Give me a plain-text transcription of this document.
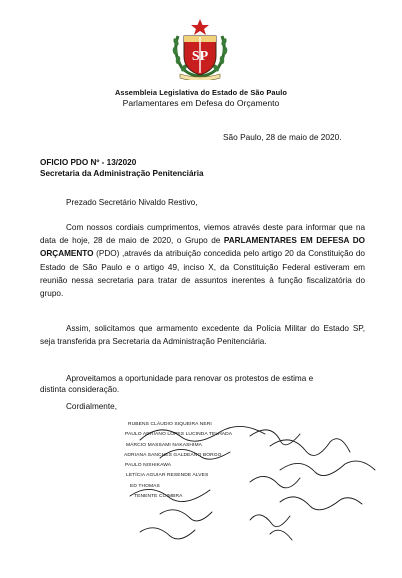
SP
Assembleia Legislativa do Estado de São Paulo
Parlamentares em Defesa do Orçamento
São Paulo, 28 de maio de 2020.
OFICIO PDO Nº - 13/2020
Secretaria da Administração Penitenciária
Prezado Secretário Nivaldo Restivo,
Com nossos cordiais cumprimentos, viemos através deste para informar que na data de hoje, 28 de maio de 2020, o Grupo de PARLAMENTARES EM DEFESA DO ORÇAMENTO (PDO) ,através da atribuição concedida pelo artigo 20 da Constituição do Estado de São Paulo e o artigo 49, inciso X, da Constituição Federal estiveram em reunião nessa secretaria para tratar de assuntos inerentes à função fiscalizatória do grupo.
Assim, solicitamos que armamento excedente da Polícia Militar do Estado SP, seja transferida pra Secretaria da Administração Penitenciária.
Aproveitamos a oportunidade para renovar os protestos de estima e
distinta consideração.
Cordialmente,
RUBENS CLÁUDIO SIQUEIRA NERI
PAULO ADRIANO LOPES LUCINDA TELHADA
MÁRCIO MASSAMI NAKASHIMA
ADRIANA SANCHES GALDEANO BORGO
PAULO NISHIKAWA
LETÍCIA AGUIAR RESENDE ALVES
ED THOMAS
TENENTE COIMBRA
